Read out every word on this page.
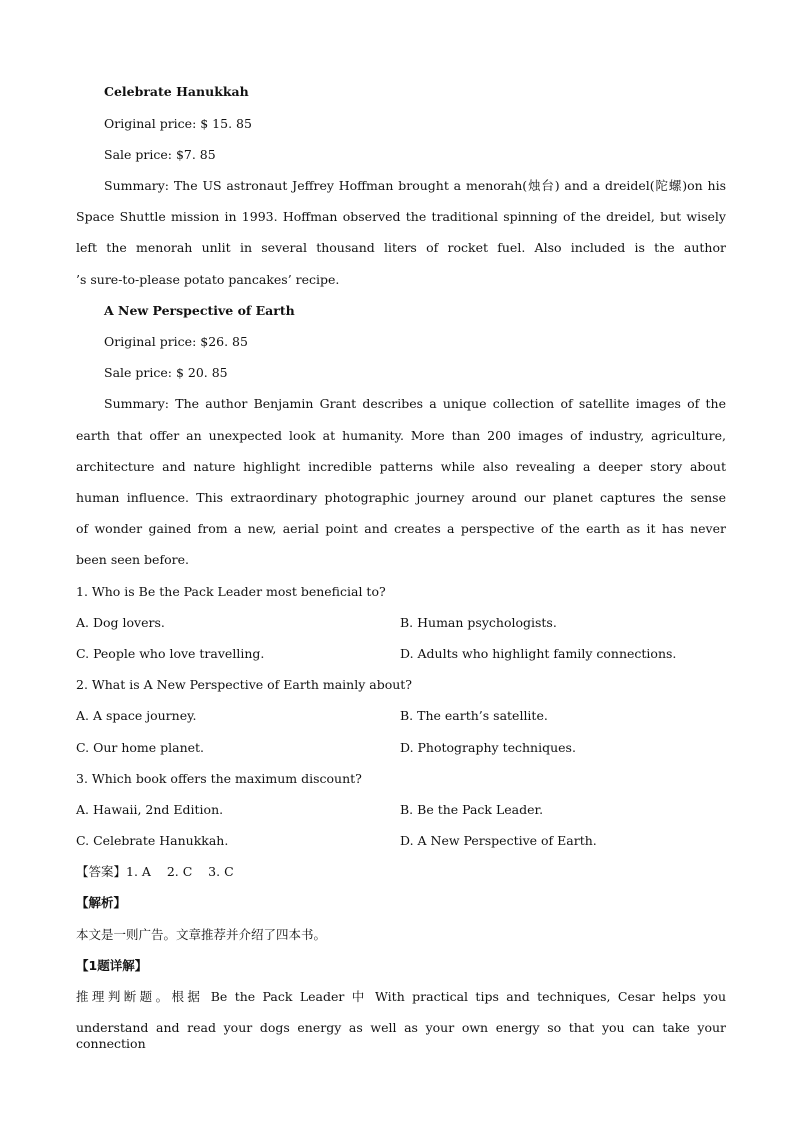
Celebrate Hanukkah
Original price: $ 15. 85
Sale price: $7. 85
Summary: The US astronaut Jeffrey Hoffman brought a menorah(烛台) and a dreidel(陀螺)on his
Space Shuttle mission in 1993. Hoffman observed the traditional spinning of the dreidel, but wisely
left the menorah unlit in several thousand liters of rocket fuel. Also included is the author
’s sure-to-please potato pancakes’ recipe.
A New Perspective of Earth
Original price: $26. 85
Sale price: $ 20. 85
Summary: The author Benjamin Grant describes a unique collection of satellite images of the
earth that offer an unexpected look at humanity. More than 200 images of industry, agriculture,
architecture and nature highlight incredible patterns while also revealing a deeper story about
human influence. This extraordinary photographic journey around our planet captures the sense
of wonder gained from a new, aerial point and creates a perspective of the earth as it has never
been seen before.
1. Who is Be the Pack Leader most beneficial to?
A. Dog lovers.	B. Human psychologists.
C. People who love travelling.	D. Adults who highlight family connections.
2. What is A New Perspective of Earth mainly about?
A. A space journey.	B. The earth’s satellite.
C. Our home planet.	D. Photography techniques.
3. Which book offers the maximum discount?
A. Hawaii, 2nd Edition.	B. Be the Pack Leader.
C. Celebrate Hanukkah.	D. A New Perspective of Earth.
【答案】1. A    2. C    3. C
【解析】
本文是一则广告。文章推荐并介绍了四本书。
【1题详解】
推理判断题。根据 Be the Pack Leader 中 With practical tips and techniques, Cesar helps you
understand and read your dogs energy as well as your own energy so that you can take your connection
